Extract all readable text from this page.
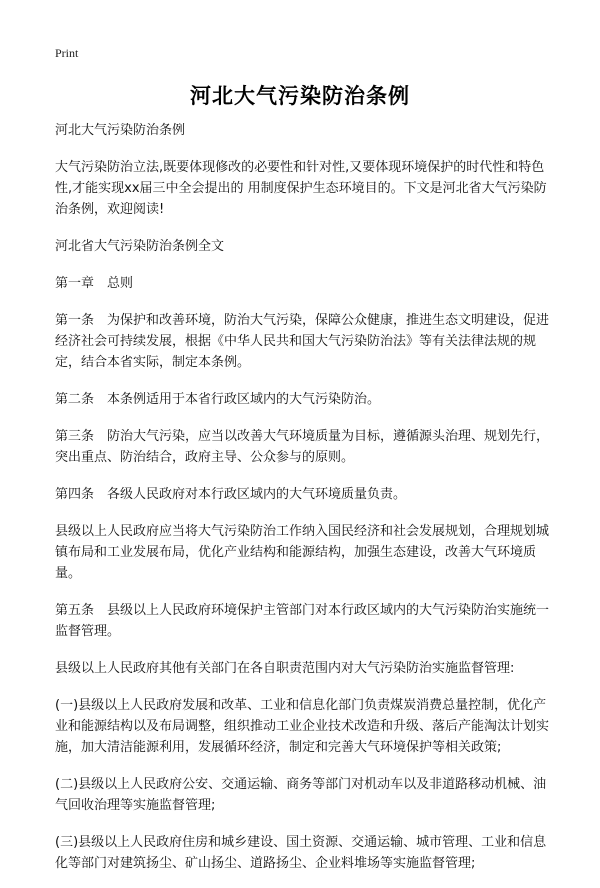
Print
河北大气污染防治条例

河北大气污染防治条例

大气污染防治立法,既要体现修改的必要性和针对性,又要体现环境保护的时代性和特色性,才能实现xx届三中全会提出的 用制度保护生态环境目的。下文是河北省大气污染防治条例，欢迎阅读!

河北省大气污染防治条例全文

第一章　总则

第一条　为保护和改善环境，防治大气污染，保障公众健康，推进生态文明建设，促进经济社会可持续发展，根据《中华人民共和国大气污染防治法》等有关法律法规的规定，结合本省实际，制定本条例。

第二条　本条例适用于本省行政区域内的大气污染防治。

第三条　防治大气污染，应当以改善大气环境质量为目标，遵循源头治理、规划先行，突出重点、防治结合，政府主导、公众参与的原则。

第四条　各级人民政府对本行政区域内的大气环境质量负责。

县级以上人民政府应当将大气污染防治工作纳入国民经济和社会发展规划，合理规划城镇布局和工业发展布局，优化产业结构和能源结构，加强生态建设，改善大气环境质量。

第五条　县级以上人民政府环境保护主管部门对本行政区域内的大气污染防治实施统一监督管理。

县级以上人民政府其他有关部门在各自职责范围内对大气污染防治实施监督管理:

(一)县级以上人民政府发展和改革、工业和信息化部门负责煤炭消费总量控制，优化产业和能源结构以及布局调整，组织推动工业企业技术改造和升级、落后产能淘汰计划实施，加大清洁能源利用，发展循环经济，制定和完善大气环境保护等相关政策;

(二)县级以上人民政府公安、交通运输、商务等部门对机动车以及非道路移动机械、油气回收治理等实施监督管理;

(三)县级以上人民政府住房和城乡建设、国土资源、交通运输、城市管理、工业和信息化等部门对建筑扬尘、矿山扬尘、道路扬尘、企业料堆场等实施监督管理;
